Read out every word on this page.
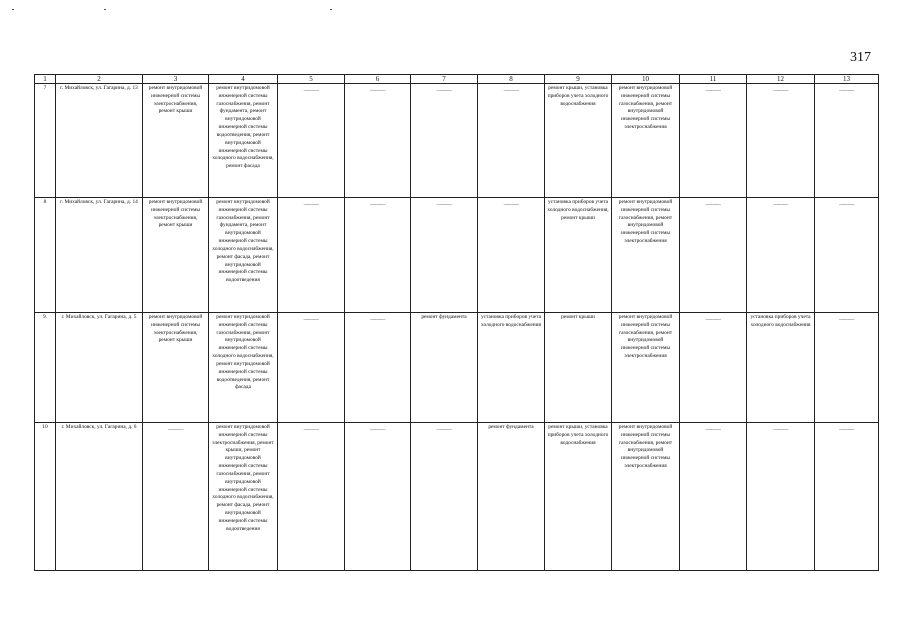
317
1	2	3	4	5	6	7	8	9	10	11	12	13
7	г. Михайловск, ул. Гагарина, д. 13	ремонт внутридомовой инженерной системы электроснабжения, ремонт крыши	ремонт внутридомовой инженерной системы газоснабжения, ремонт фундамента, ремонт внутридомовой инженерной системы водоотведения, ремонт внутридомовой инженерной системы холодного водоснабжения, ремонт фасада	———	———	———	———	ремонт крыши, установка приборов учета холодного водоснабжения	ремонт внутридомовой инженерной системы газоснабжения, ремонт внутридомовой инженерной системы электроснабжения	———	———	———
8	г. Михайловск, ул. Гагарина, д. 14	ремонт внутридомовой инженерной системы электроснабжения, ремонт крыши	ремонт внутридомовой инженерной системы газоснабжения, ремонт фундамента, ремонт внутридомовой инженерной системы холодного водоснабжения, ремонт фасада, ремонт внутридомовой инженерной системы водоотведения	———	———	———	———	установка приборов учета холодного водоснабжения, ремонт крыши	ремонт внутридомовой инженерной системы газоснабжения, ремонт внутридомовой инженерной системы электроснабжения	———	———	———
9.	г. Михайловск, ул. Гагарина, д. 5	ремонт внутридомовой инженерной системы электроснабжения, ремонт крыши	ремонт внутридомовой инженерной системы газоснабжения, ремонт внутридомовой инженерной системы холодного водоснабжения, ремонт внутридомовой инженерной системы водоотведения, ремонт фасада	———	———	ремонт фундамента	установка приборов учета холодного водоснабжения	ремонт крыши	ремонт внутридомовой инженерной системы газоснабжения, ремонт внутридомовой инженерной системы электроснабжения	———	установка приборов учета холодного водоснабжения	———
10	г. Михайловск, ул. Гагарина, д. 6	———	ремонт внутридомовой инженерной системы электроснабжения, ремонт крыши, ремонт внутридомовой инженерной системы газоснабжения, ремонт внутридомовой инженерной системы холодного водоснабжения, ремонт фасада, ремонт внутридомовой инженерной системы водоотведения	———	———	———	ремонт фундамента	ремонт крыши, установка приборов учета холодного водоснабжения	ремонт внутридомовой инженерной системы газоснабжения, ремонт внутридомовой инженерной системы электроснабжения	———	———	———
